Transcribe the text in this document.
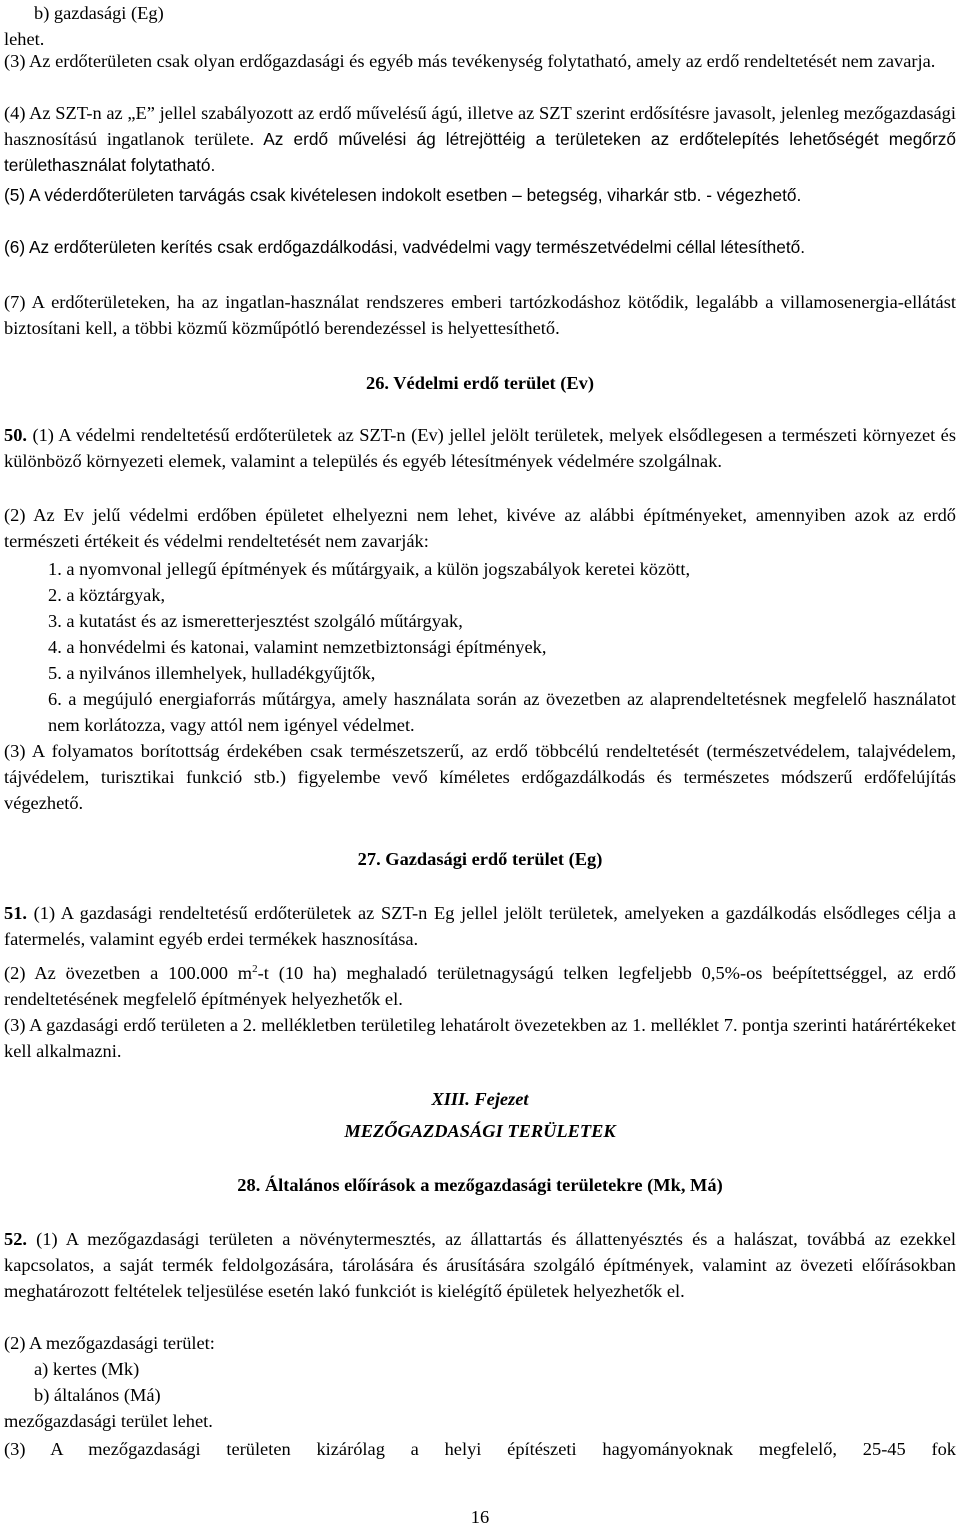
b) gazdasági (Eg)

lehet.

(3) Az erdőterületen csak olyan erdőgazdasági és egyéb más tevékenység folytatható, amely az erdő rendeltetését nem zavarja.

(4) Az SZT-n az „E” jellel szabályozott az erdő művelésű ágú, illetve az SZT szerint erdősítésre javasolt, jelenleg mezőgazdasági hasznosítású ingatlanok területe. Az erdő művelési ág létrejöttéig a területeken az erdőtelepítés lehetőségét megőrző területhasználat folytatható.

(5) A véderdőterületen tarvágás csak kivételesen indokolt esetben – betegség, viharkár stb. - végezhető.

(6) Az erdőterületen kerítés csak erdőgazdálkodási, vadvédelmi vagy természetvédelmi céllal létesíthető.

(7) A erdőterületeken, ha az ingatlan-használat rendszeres emberi tartózkodáshoz kötődik, legalább a villamosenergia-ellátást biztosítani kell, a többi közmű közműpótló berendezéssel is helyettesíthető.

26. Védelmi erdő terület (Ev)

50. (1) A védelmi rendeltetésű erdőterületek az SZT-n (Ev) jellel jelölt területek, melyek elsődlegesen a természeti környezet és különböző környezeti elemek, valamint a település és egyéb létesítmények védelmére szolgálnak.

(2) Az Ev jelű védelmi erdőben épületet elhelyezni nem lehet, kivéve az alábbi építményeket, amennyiben azok az erdő természeti értékeit és védelmi rendeltetését nem zavarják:

1. a nyomvonal jellegű építmények és műtárgyaik, a külön jogszabályok keretei között,
2. a köztárgyak,
3. a kutatást és az ismeretterjesztést szolgáló műtárgyak,
4. a honvédelmi és katonai, valamint nemzetbiztonsági építmények,
5. a nyilvános illemhelyek, hulladékgyűjtők,
6. a megújuló energiaforrás műtárgya, amely használata során az övezetben az alaprendeltetésnek megfelelő használatot nem korlátozza, vagy attól nem igényel védelmet.

(3) A folyamatos borítottság érdekében csak természetszerű, az erdő többcélú rendeltetését (természetvédelem, talajvédelem, tájvédelem, turisztikai funkció stb.) figyelembe vevő kíméletes erdőgazdálkodás és természetes módszerű erdőfelújítás végezhető.

27. Gazdasági erdő terület (Eg)

51. (1) A gazdasági rendeltetésű erdőterületek az SZT-n Eg jellel jelölt területek, amelyeken a gazdálkodás elsődleges célja a fatermelés, valamint egyéb erdei termékek hasznosítása.

(2) Az övezetben a 100.000 $m^2-t$ (10 ha) meghaladó területnagyságú telken legfeljebb 0,5%-os beépítettséggel, az erdő rendeltetésének megfelelő építmények helyezhetők el.

(3) A gazdasági erdő területen a 2. mellékletben területileg lehatárolt övezetekben az 1. melléklet 7. pontja szerinti határértékeket kell alkalmazni.

XIII. Fejezet

MEZŐGAZDASÁGI TERÜLETEK

28. Általános előírások a mezőgazdasági területekre (Mk, Má)

52. (1) A mezőgazdasági területen a növénytermesztés, az állattartás és állattenyésztés és a halászat, továbbá az ezekkel kapcsolatos, a saját termék feldolgozására, tárolására és árusítására szolgáló építmények, valamint az övezeti előírásokban meghatározott feltételek teljesülése esetén lakó funkciót is kielégítő épületek helyezhetők el.

(2) A mezőgazdasági terület:

a) kertes (Mk)

b) általános (Má)

mezőgazdasági terület lehet.

(3) A mezőgazdasági területen kizárólag a helyi építészeti hagyományoknak megfelelő, 25-45 fok

16
